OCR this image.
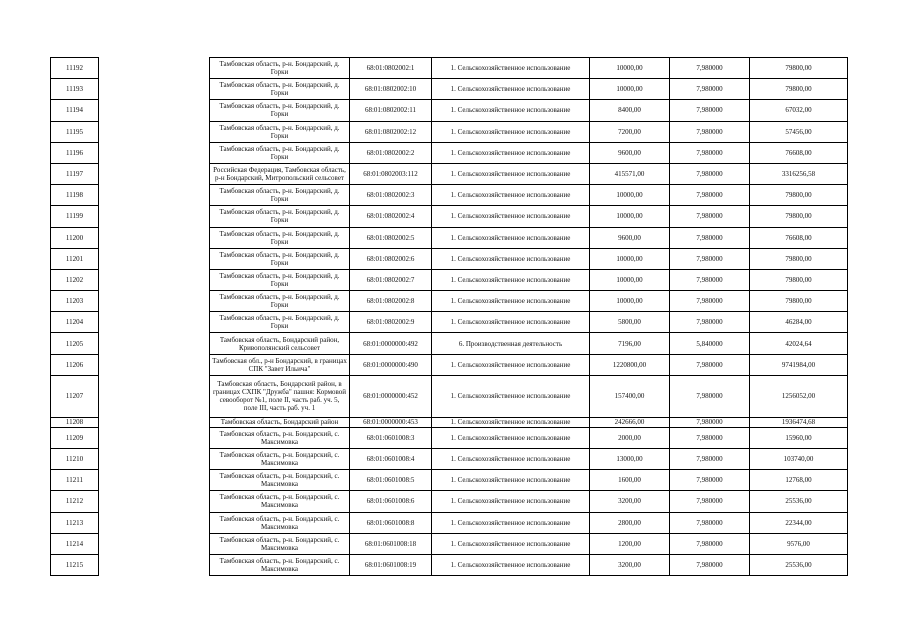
11192		Тамбовская область, р-н. Бондарский, д. Горки	68:01:0802002:1	1. Сельскохозяйственное использование	10000,00	7,980000	79800,00
11193		Тамбовская область, р-н. Бондарский, д. Горки	68:01:0802002:10	1. Сельскохозяйственное использование	10000,00	7,980000	79800,00
11194		Тамбовская область, р-н. Бондарский, д. Горки	68:01:0802002:11	1. Сельскохозяйственное использование	8400,00	7,980000	67032,00
11195		Тамбовская область, р-н. Бондарский, д. Горки	68:01:0802002:12	1. Сельскохозяйственное использование	7200,00	7,980000	57456,00
11196		Тамбовская область, р-н. Бондарский, д. Горки	68:01:0802002:2	1. Сельскохозяйственное использование	9600,00	7,980000	76608,00
11197		Российская Федерация, Тамбовская область, р-н Бондарский, Митропольский сельсовет	68:01:0802003:112	1. Сельскохозяйственное использование	415571,00	7,980000	3316256,58
11198		Тамбовская область, р-н. Бондарский, д. Горки	68:01:0802002:3	1. Сельскохозяйственное использование	10000,00	7,980000	79800,00
11199		Тамбовская область, р-н. Бондарский, д. Горки	68:01:0802002:4	1. Сельскохозяйственное использование	10000,00	7,980000	79800,00
11200		Тамбовская область, р-н. Бондарский, д. Горки	68:01:0802002:5	1. Сельскохозяйственное использование	9600,00	7,980000	76608,00
11201		Тамбовская область, р-н. Бондарский, д. Горки	68:01:0802002:6	1. Сельскохозяйственное использование	10000,00	7,980000	79800,00
11202		Тамбовская область, р-н. Бондарский, д. Горки	68:01:0802002:7	1. Сельскохозяйственное использование	10000,00	7,980000	79800,00
11203		Тамбовская область, р-н. Бондарский, д. Горки	68:01:0802002:8	1. Сельскохозяйственное использование	10000,00	7,980000	79800,00
11204		Тамбовская область, р-н. Бондарский, д. Горки	68:01:0802002:9	1. Сельскохозяйственное использование	5800,00	7,980000	46284,00
11205		Тамбовская область, Бондарский район, Кривополянский сельсовет	68:01:0000000:492	6. Производственная деятельность	7196,00	5,840000	42024,64
11206		Тамбовская обл., р-н Бондарский, в границах СПК "Завет Ильича"	68:01:0000000:490	1. Сельскохозяйственное использование	1220800,00	7,980000	9741984,00
11207		Тамбовская область, Бондарский район, в границах СХПК "Дружба" пашня: Кормовой севооборот №1, поле II, часть раб. уч. 5, поле III, часть раб. уч. 1	68:01:0000000:452	1. Сельскохозяйственное использование	157400,00	7,980000	1256052,00
11208		Тамбовская область, Бондарский район	68:01:0000000:453	1. Сельскохозяйственное использование	242666,00	7,980000	1936474,68
11209		Тамбовская область, р-н. Бондарский, с. Максимовка	68:01:0601008:3	1. Сельскохозяйственное использование	2000,00	7,980000	15960,00
11210		Тамбовская область, р-н. Бондарский, с. Максимовка	68:01:0601008:4	1. Сельскохозяйственное использование	13000,00	7,980000	103740,00
11211		Тамбовская область, р-н. Бондарский, с. Максимовка	68:01:0601008:5	1. Сельскохозяйственное использование	1600,00	7,980000	12768,00
11212		Тамбовская область, р-н. Бондарский, с. Максимовка	68:01:0601008:6	1. Сельскохозяйственное использование	3200,00	7,980000	25536,00
11213		Тамбовская область, р-н. Бондарский, с. Максимовка	68:01:0601008:8	1. Сельскохозяйственное использование	2800,00	7,980000	22344,00
11214		Тамбовская область, р-н. Бондарский, с. Максимовка	68:01:0601008:18	1. Сельскохозяйственное использование	1200,00	7,980000	9576,00
11215		Тамбовская область, р-н. Бондарский, с. Максимовка	68:01:0601008:19	1. Сельскохозяйственное использование	3200,00	7,980000	25536,00
